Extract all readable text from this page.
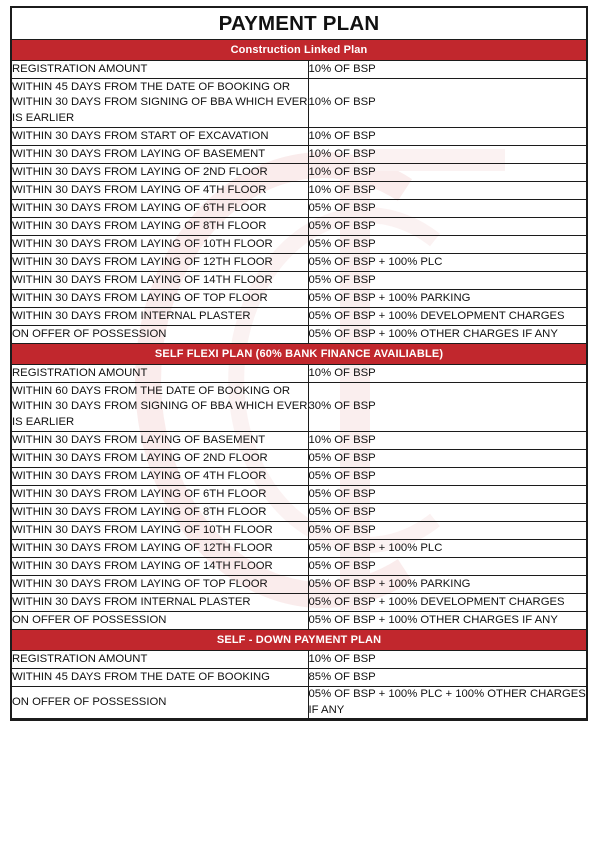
PAYMENT PLAN	
Construction Linked Plan	
REGISTRATION AMOUNT	10% OF BSP
WITHIN 45 DAYS FROM THE DATE OF BOOKING OR WITHIN 30 DAYS FROM SIGNING OF BBA WHICH EVER IS EARLIER	10% OF BSP
WITHIN 30 DAYS FROM START OF EXCAVATION	10% OF BSP
WITHIN 30 DAYS FROM LAYING OF BASEMENT	10% OF BSP
WITHIN 30 DAYS FROM LAYING OF 2ND FLOOR	10% OF BSP
WITHIN 30 DAYS FROM LAYING OF 4TH FLOOR	10% OF BSP
WITHIN 30 DAYS FROM LAYING OF 6TH FLOOR	05% OF BSP
WITHIN 30 DAYS FROM LAYING OF 8TH FLOOR	05% OF BSP
WITHIN 30 DAYS FROM LAYING OF 10TH FLOOR	05% OF BSP
WITHIN 30 DAYS FROM LAYING OF 12TH FLOOR	05% OF BSP + 100% PLC
WITHIN 30 DAYS FROM LAYING OF 14TH FLOOR	05% OF BSP
WITHIN 30 DAYS FROM LAYING OF TOP FLOOR	05% OF BSP + 100% PARKING
WITHIN 30 DAYS FROM INTERNAL PLASTER	05% OF BSP + 100% DEVELOPMENT CHARGES
ON OFFER OF POSSESSION	05% OF BSP + 100% OTHER CHARGES IF ANY
SELF FLEXI PLAN (60% BANK FINANCE AVAILIABLE)	
REGISTRATION AMOUNT	10% OF BSP
WITHIN 60 DAYS FROM THE DATE OF BOOKING OR WITHIN 30 DAYS FROM SIGNING OF BBA WHICH EVER IS EARLIER	30% OF BSP
WITHIN 30 DAYS FROM LAYING OF BASEMENT	10% OF BSP
WITHIN 30 DAYS FROM LAYING OF 2ND FLOOR	05% OF BSP
WITHIN 30 DAYS FROM LAYING OF 4TH FLOOR	05% OF BSP
WITHIN 30 DAYS FROM LAYING OF 6TH FLOOR	05% OF BSP
WITHIN 30 DAYS FROM LAYING OF 8TH FLOOR	05% OF BSP
WITHIN 30 DAYS FROM LAYING OF 10TH FLOOR	05% OF BSP
WITHIN 30 DAYS FROM LAYING OF 12TH FLOOR	05% OF BSP + 100% PLC
WITHIN 30 DAYS FROM LAYING OF 14TH FLOOR	05% OF BSP
WITHIN 30 DAYS FROM LAYING OF TOP FLOOR	05% OF BSP + 100% PARKING
WITHIN 30 DAYS FROM INTERNAL PLASTER	05% OF BSP + 100% DEVELOPMENT CHARGES
ON OFFER OF POSSESSION	05% OF BSP + 100% OTHER CHARGES IF ANY
SELF - DOWN PAYMENT PLAN	
REGISTRATION AMOUNT	10% OF BSP
WITHIN 45 DAYS FROM THE DATE OF BOOKING	85% OF BSP
ON OFFER OF POSSESSION	05% OF BSP + 100% PLC + 100% OTHER CHARGES IF ANY
